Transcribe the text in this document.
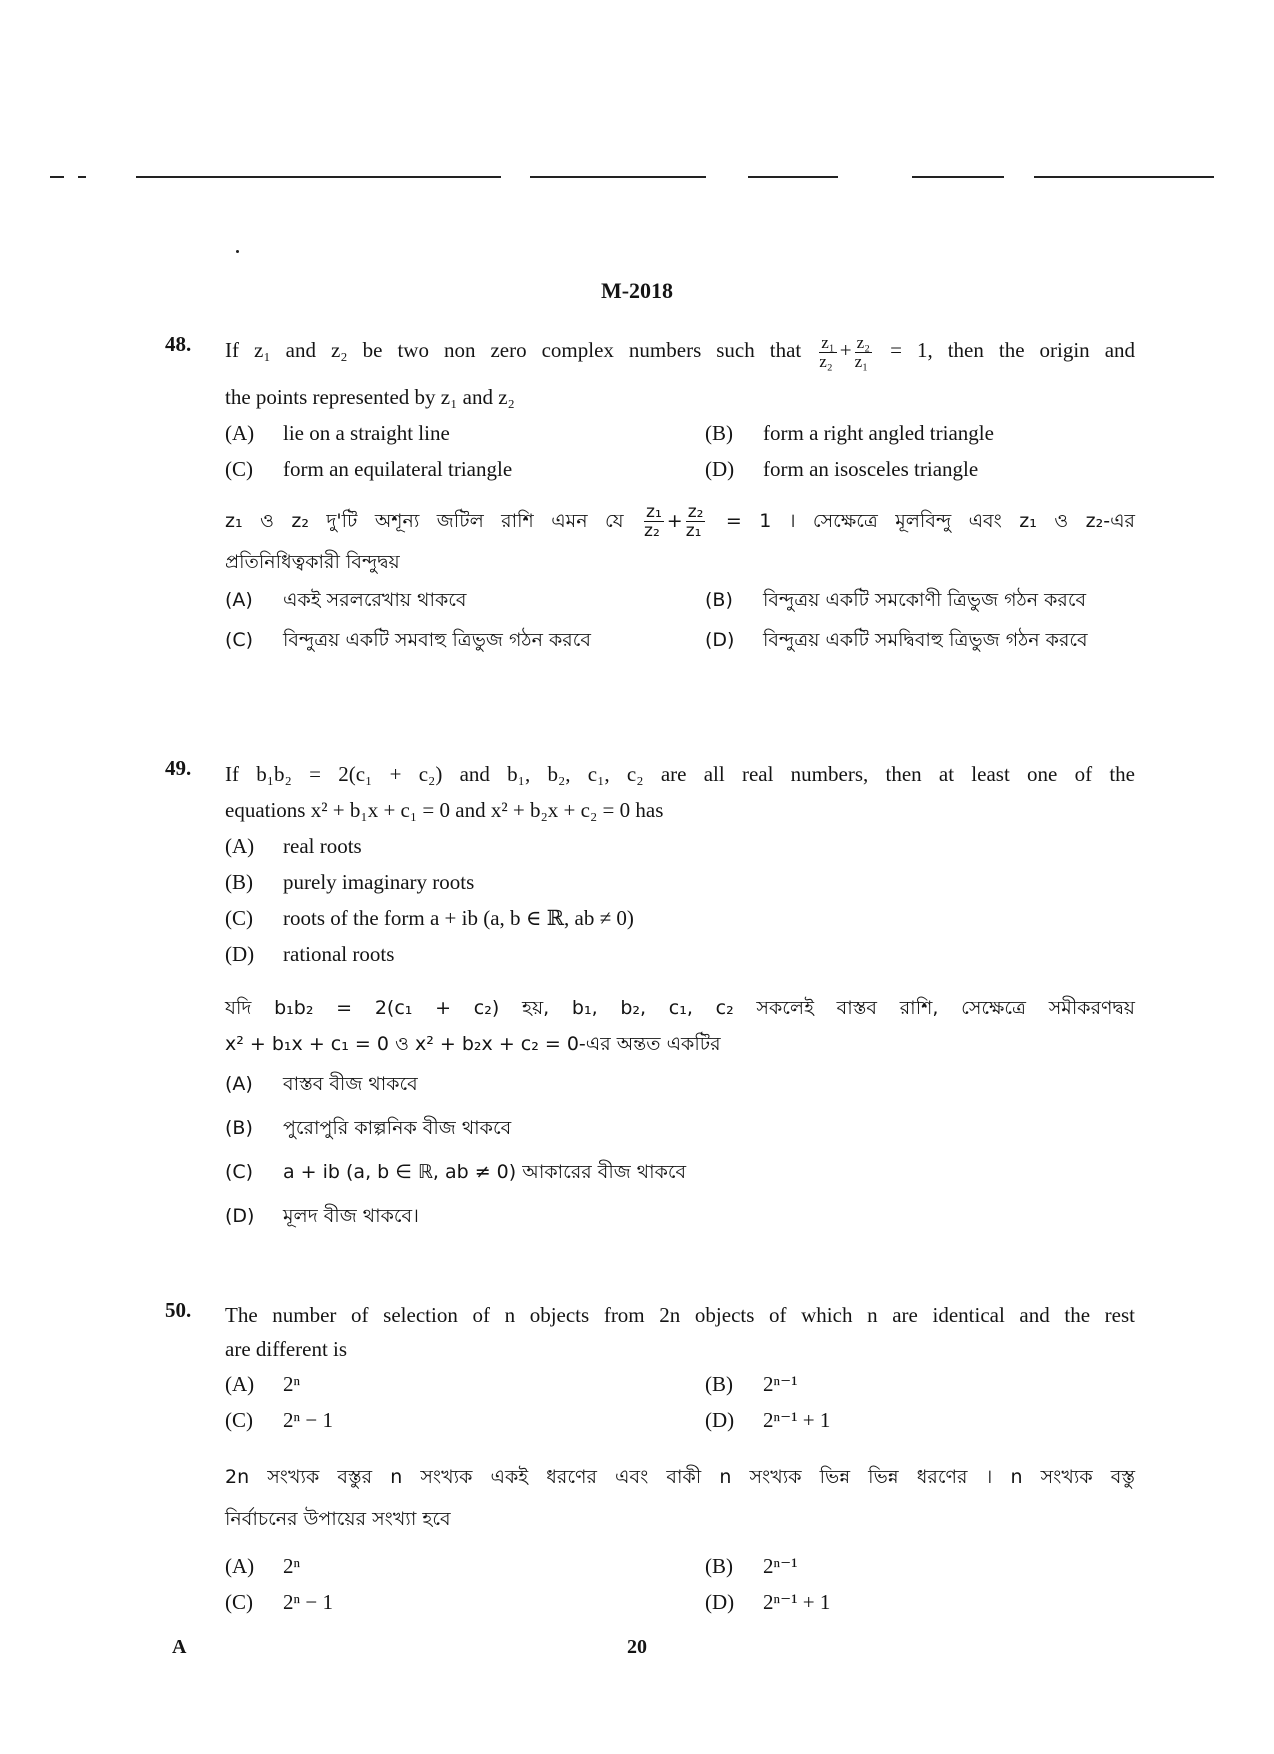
M-2018
48. If z₁ and z₂ be two non zero complex numbers such that $\frac{\text{z₁}}{\text{z₂}} + \frac{\text{z₂}}{\text{z₁}} = 1$, then the origin and
the points represented by z₁ and z₂
(A)	lie on a straight line	(B)	form a right angled triangle
(C)	form an equilateral triangle	(D)	form an isosceles triangle
z₁ ও z₂ দু'টি অশূন্য জটিল রাশি এমন যে $\frac{\text{z₁}}{\text{z₂}} + \frac{\text{z₂}}{\text{z₁}} = 1$ । সেক্ষেত্রে মূলবিন্দু এবং z₁ ও z₂-এর
প্রতিনিধিত্বকারী বিন্দুদ্বয়
(A)	একই সরলরেখায় থাকবে	(B)	বিন্দুত্রয় একটি সমকোণী ত্রিভুজ গঠন করবে
(C)	বিন্দুত্রয় একটি সমবাহু ত্রিভুজ গঠন করবে	(D)	বিন্দুত্রয় একটি সমদ্বিবাহু ত্রিভুজ গঠন করবে
49. If b₁b₂ = 2(c₁ + c₂) and b₁, b₂, c₁, c₂ are all real numbers, then at least one of the
equations x² + b₁x + c₁ = 0 and x² + b₂x + c₂ = 0 has
(A)	real roots
(B)	purely imaginary roots
(C)	roots of the form a + ib (a, b ∈ ℝ, ab ≠ 0)
(D)	rational roots
যদি b₁b₂ = 2(c₁ + c₂) হয়, b₁, b₂, c₁, c₂ সকলেই বাস্তব রাশি, সেক্ষেত্রে সমীকরণদ্বয়
x² + b₁x + c₁ = 0 ও x² + b₂x + c₂ = 0-এর অন্তত একটির
(A)	বাস্তব বীজ থাকবে
(B)	পুরোপুরি কাল্পনিক বীজ থাকবে
(C)	a + ib (a, b ∈ ℝ, ab ≠ 0) আকারের বীজ থাকবে
(D)	মূলদ বীজ থাকবে।
50. The number of selection of n objects from 2n objects of which n are identical and the rest
are different is
(A)	2ⁿ	(B)	2ⁿ⁻¹
(C)	2ⁿ − 1	(D)	2ⁿ⁻¹ + 1
2n সংখ্যক বস্তুর n সংখ্যক একই ধরণের এবং বাকী n সংখ্যক ভিন্ন ভিন্ন ধরণের । n সংখ্যক বস্তু
নির্বাচনের উপায়ের সংখ্যা হবে
(A)	2ⁿ	(B)	2ⁿ⁻¹
(C)	2ⁿ − 1	(D)	2ⁿ⁻¹ + 1
20
A
